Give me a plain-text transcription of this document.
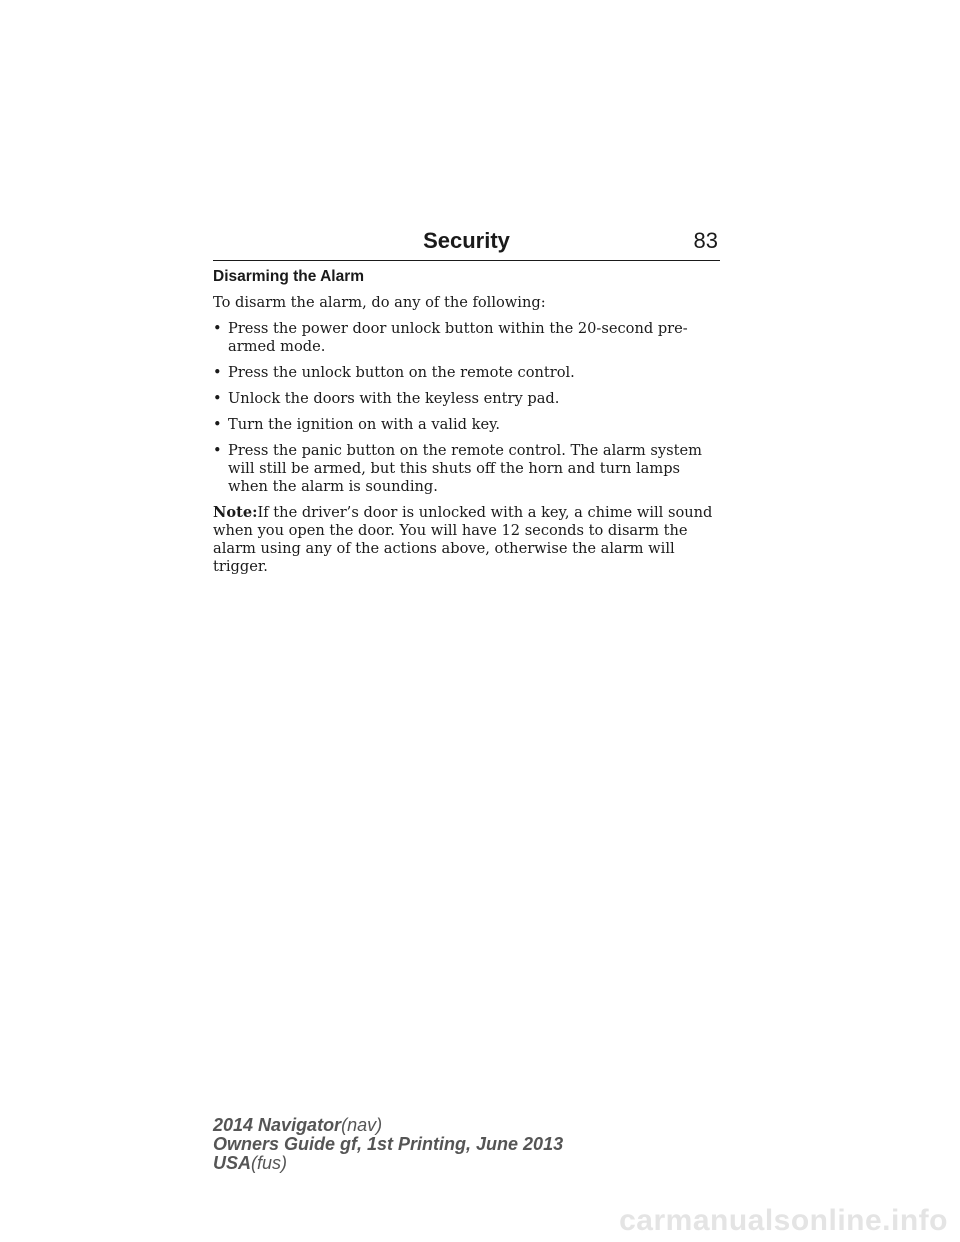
Security	83
Disarming the Alarm
To disarm the alarm, do any of the following:
• Press the power door unlock button within the 20-second pre-armed mode.
• Press the unlock button on the remote control.
• Unlock the doors with the keyless entry pad.
• Turn the ignition on with a valid key.
• Press the panic button on the remote control. The alarm system will still be armed, but this shuts off the horn and turn lamps when the alarm is sounding.

Note:If the driver’s door is unlocked with a key, a chime will sound when you open the door. You will have 12 seconds to disarm the alarm using any of the actions above, otherwise the alarm will trigger.

2014 Navigator(nav)
Owners Guide gf, 1st Printing, June 2013
USA(fus)
carmanualsonline.info
